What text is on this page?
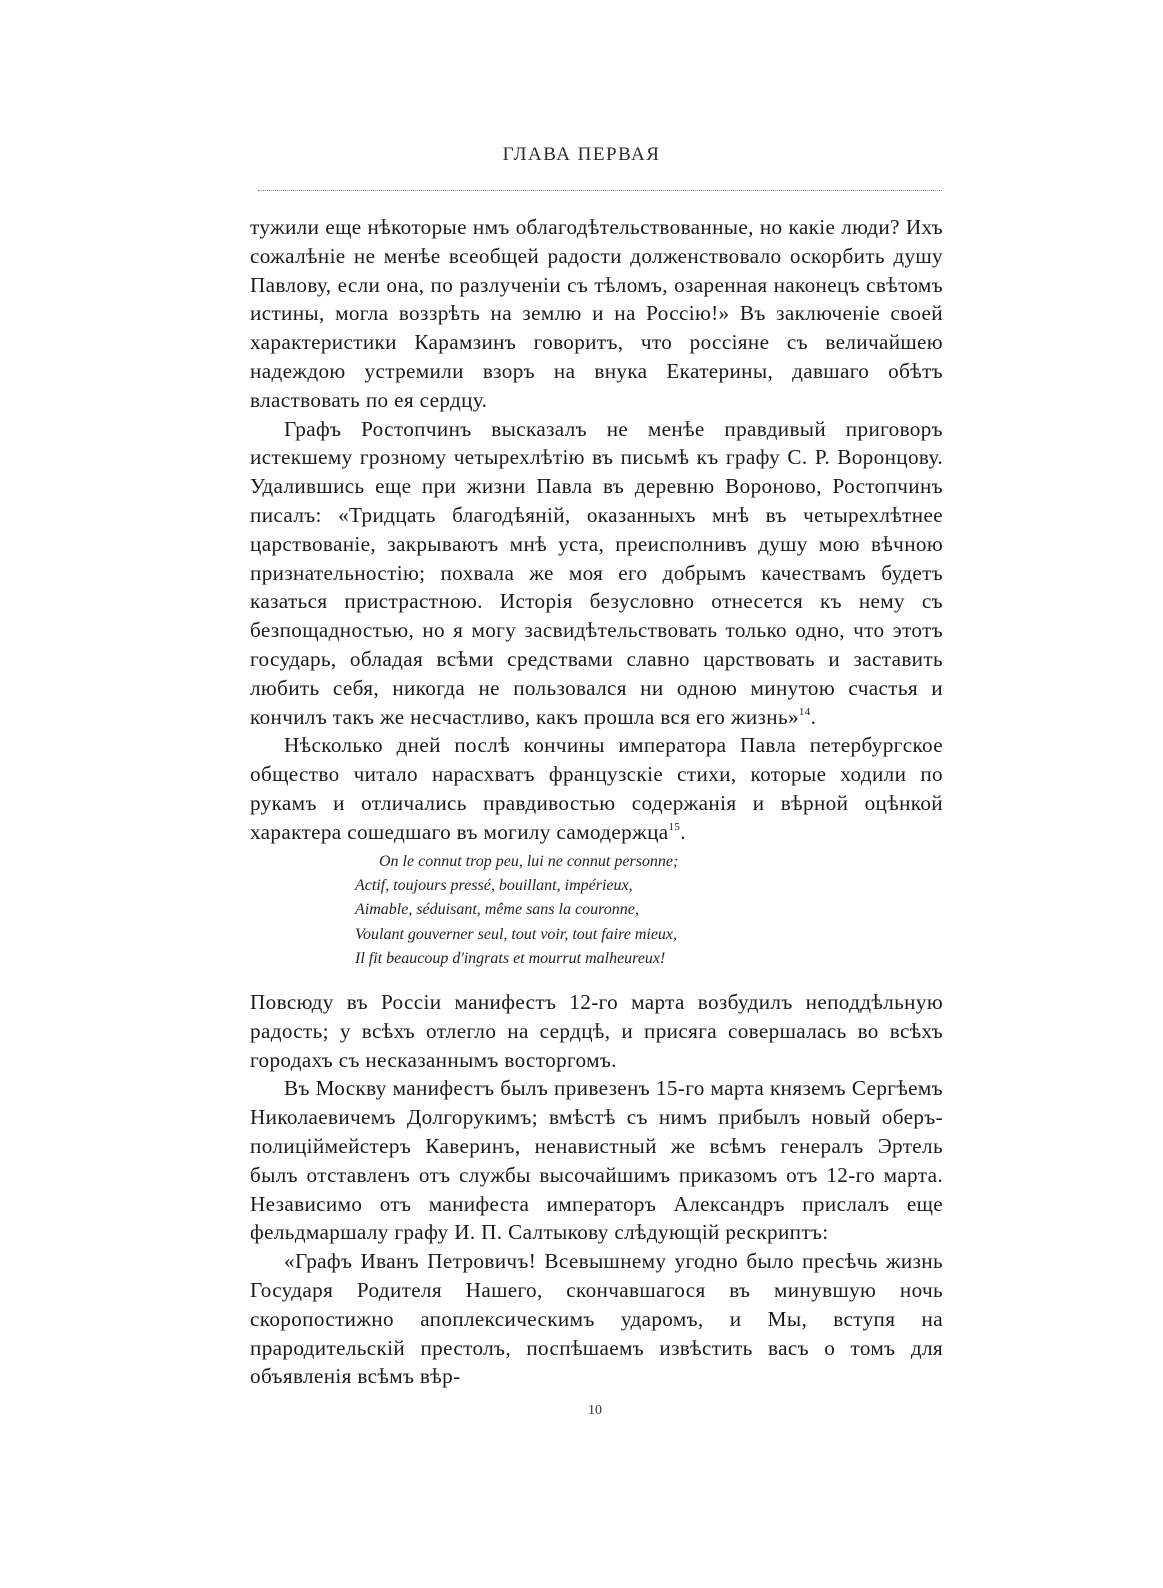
ГЛАВА ПЕРВАЯ

тужили еще нѣкоторые нмъ облагодѣтельствованные, но какіе люди? Ихъ сожалѣніе не менѣе всеобщей радости долженствовало оскорбить душу Павлову, если она, по разлученіи съ тѣломъ, озаренная наконецъ свѣтомъ истины, могла воззрѣть на землю и на Россію!» Въ заключеніе своей характеристики Карамзинъ говоритъ, что россіяне съ величайшею надеждою устремили взоръ на внука Екатерины, давшаго обѣтъ властвовать по ея сердцу.

Графъ Ростопчинъ высказалъ не менѣе правдивый приговоръ истекшему грозному четырехлѣтію въ письмѣ къ графу С. Р. Воронцову. Удалившись еще при жизни Павла въ деревню Вороново, Ростопчинъ писалъ: «Тридцать благодѣяній, оказанныхъ мнѣ въ четырехлѣтнее царствованіе, закрываютъ мнѣ уста, преисполнивъ душу мою вѣчною признательностію; похвала же моя его добрымъ качествамъ будетъ казаться пристрастною. Исторія безусловно отнесется къ нему съ безпощадностью, но я могу засвидѣтельствовать только одно, что этотъ государь, обладая всѣми средствами славно царствовать и заставить любить себя, никогда не пользовался ни одною минутою счастья и кончилъ такъ же несчастливо, какъ прошла вся его жизнь»$^{14}$.

Нѣсколько дней послѣ кончины императора Павла петербургское общество читало нарасхватъ французскіе стихи, которые ходили по рукамъ и отличались правдивостью содержанія и вѣрной оцѣнкой характера сошедшаго въ могилу самодержца$^{15}$.

On le connut trop peu, lui ne connut personne;
Actif, toujours pressé, bouillant, impérieux,
Aimable, séduisant, même sans la couronne,
Voulant gouverner seul, tout voir, tout faire mieux,
Il fit beaucoup d'ingrats et mourrut malheureux!

Повсюду въ Россіи манифестъ 12-го марта возбудилъ неподдѣльную радость; у всѣхъ отлегло на сердцѣ, и присяга совершалась во всѣхъ городахъ съ несказаннымъ восторгомъ.

Въ Москву манифестъ былъ привезенъ 15-го марта княземъ Сергѣемъ Николаевичемъ Долгорукимъ; вмѣстѣ съ нимъ прибылъ новый оберъ-полицiймейстеръ Каверинъ, ненавистный же всѣмъ генералъ Эртель былъ отставленъ отъ службы высочайшимъ приказомъ отъ 12-го марта. Независимо отъ манифеста императоръ Александръ прислалъ еще фельдмаршалу графу И. П. Салтыкову слѣдующій рескриптъ:

«Графъ Иванъ Петровичъ! Всевышнему угодно было пресѣчь жизнь Государя Родителя Нашего, скончавшагося въ минувшую ночь скоропостижно апоплексическимъ ударомъ, и Мы, вступя на прародительскій престолъ, поспѣшаемъ извѣстить васъ о томъ для объявленія всѣмъ вѣр-

10
